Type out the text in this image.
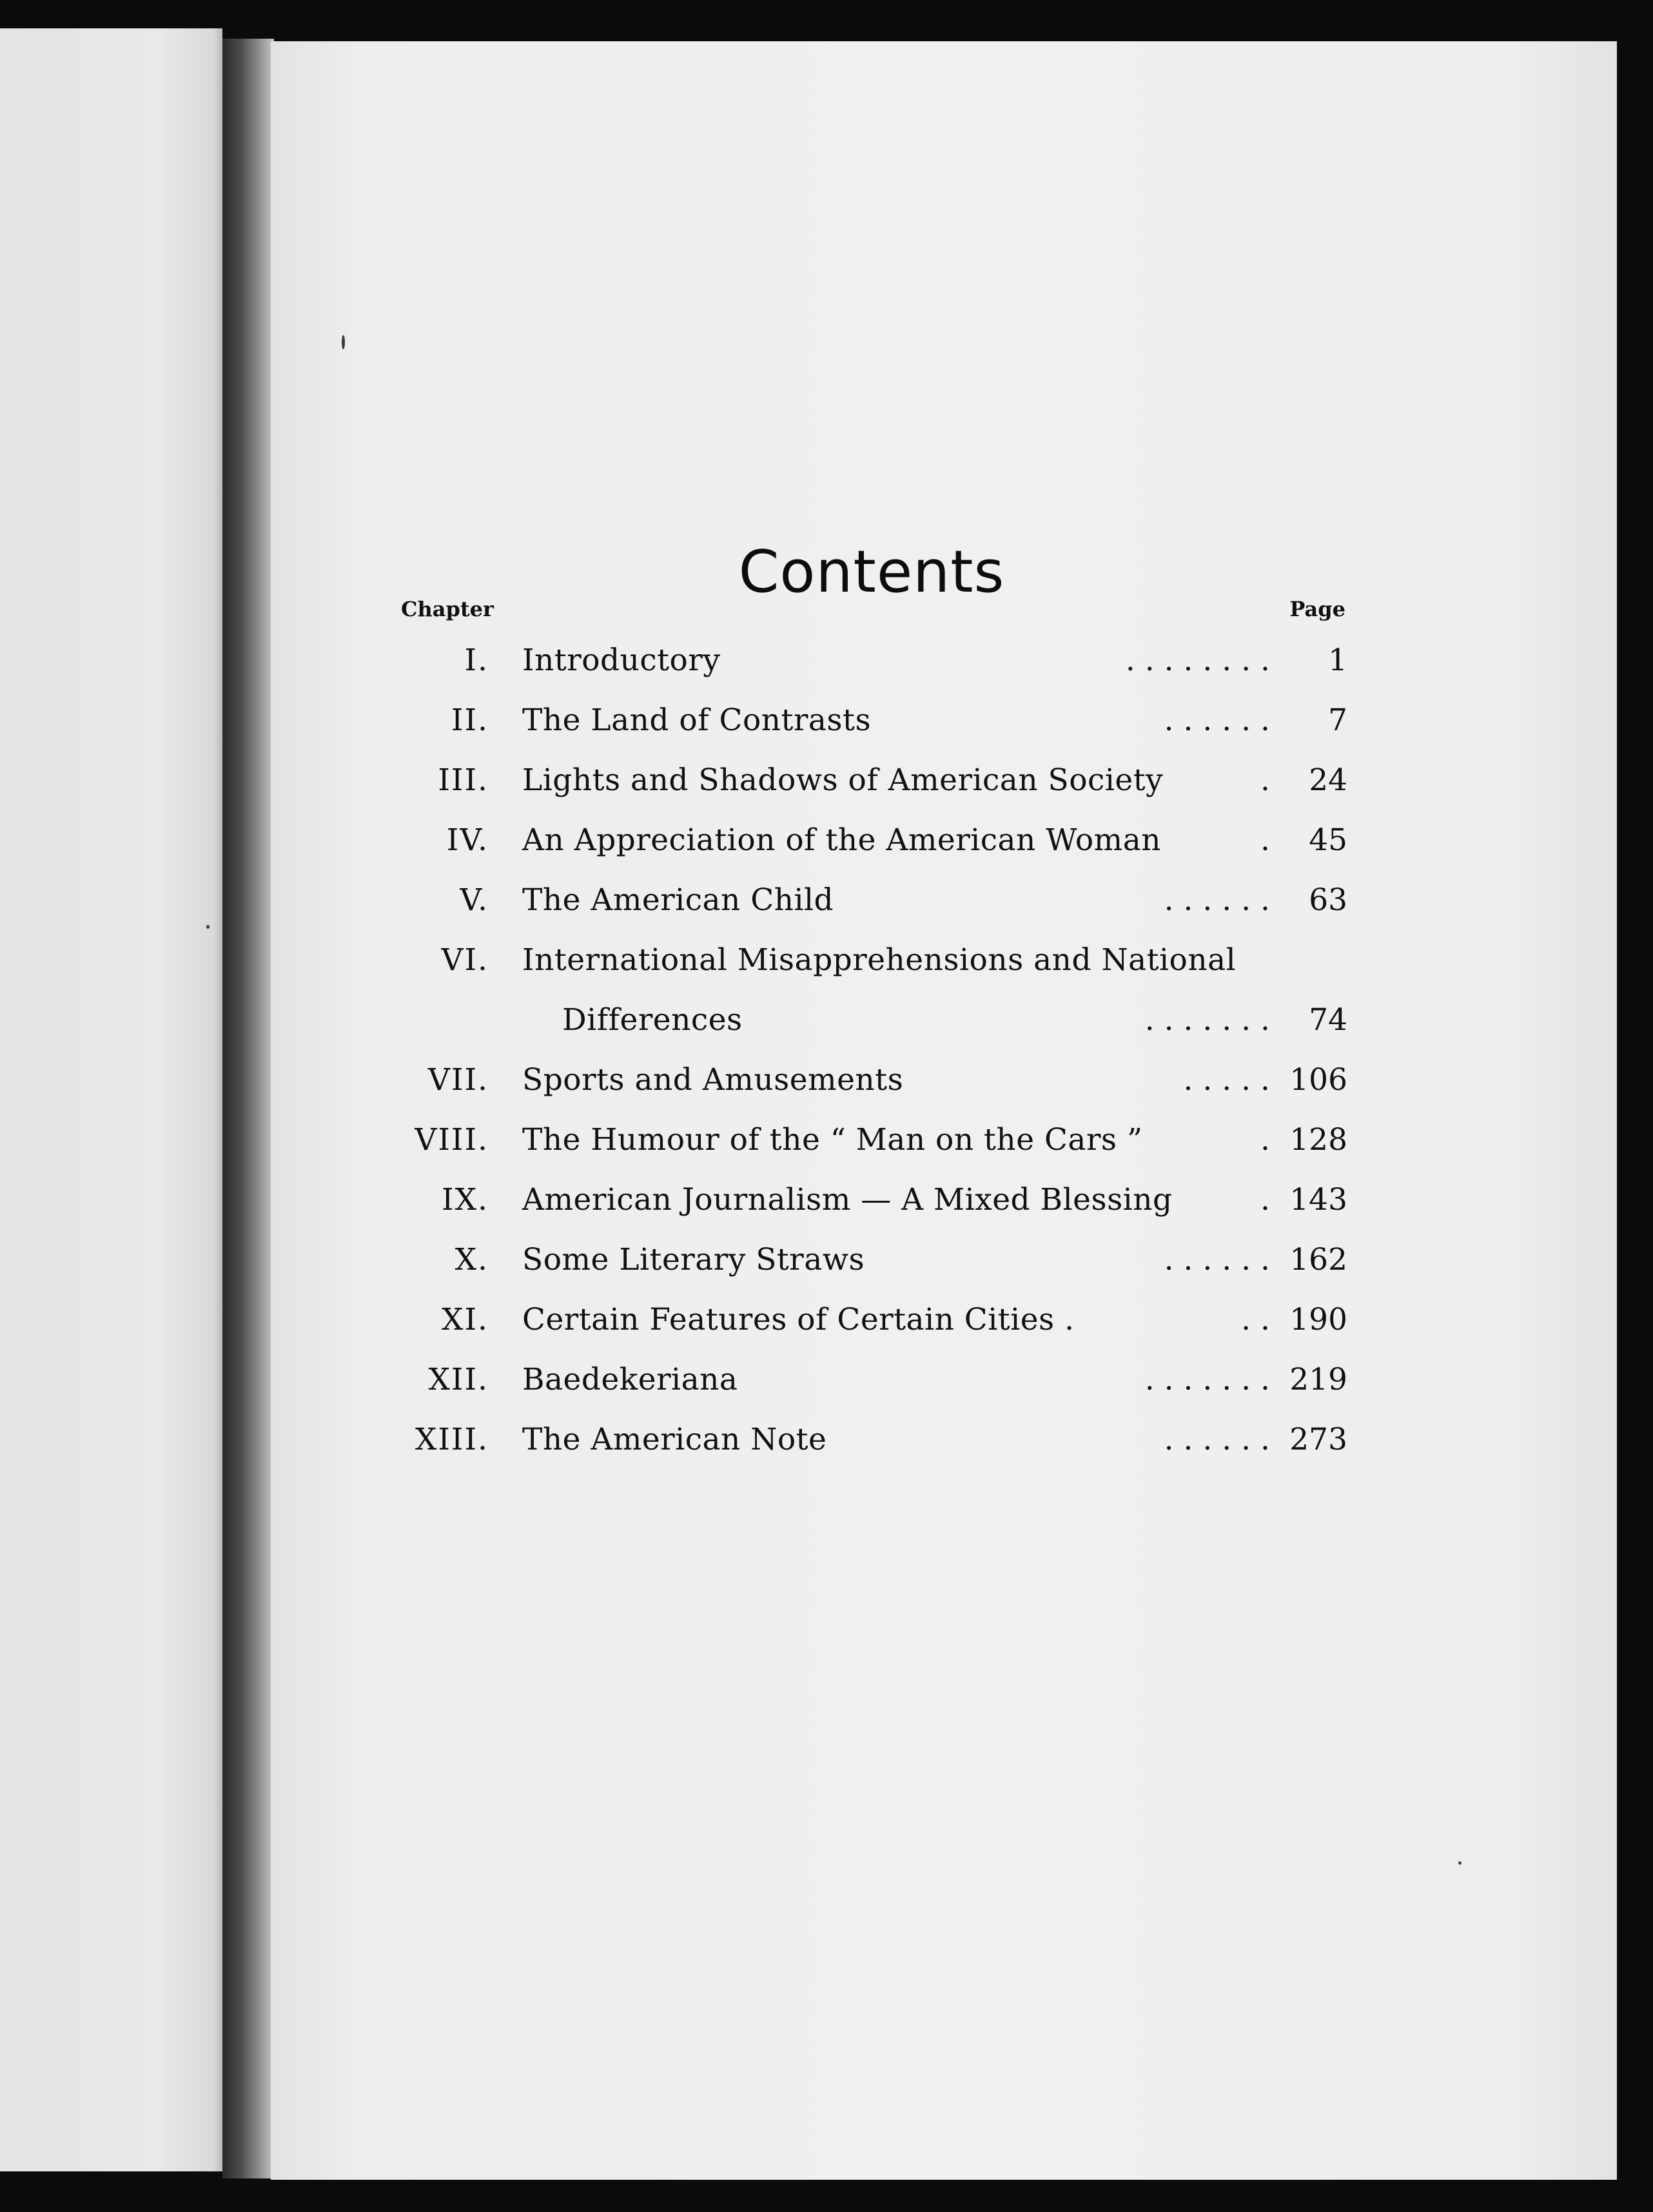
Contents
Chapter	Page
I. Introductory	. . . . . . . .	1
II. The Land of Contrasts	. . . . . .	7
III. Lights and Shadows of American Society	.	24
IV. An Appreciation of the American Woman	.	45
V. The American Child	. . . . . .	63
VI. International Misapprehensions and National
Differences	. . . . . . .	74
VII. Sports and Amusements	. . . . . 106
VIII. The Humour of the “ Man on the Cars ”	. 128
IX. American Journalism — A Mixed Blessing	. 143
X. Some Literary Straws	. . . . . . 162
XI. Certain Features of Certain Cities .	. . 190
XII. Baedekeriana	. . . . . . . 219
XIII. The American Note	. . . . . . 273
